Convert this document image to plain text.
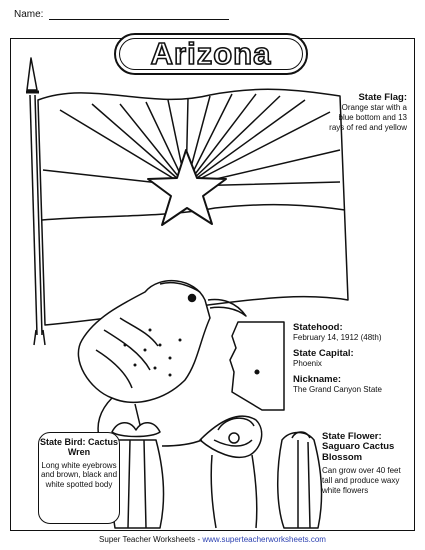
Name:
Arizona
State Flag:
Orange star with a blue bottom and 13 rays of red and yellow
Statehood:
February 14, 1912 (48th)
State Capital:
Phoenix
Nickname:
The Grand Canyon State
State Bird: Cactus Wren
Long white eyebrows and brown, black and white spotted body
State Flower: Saguaro Cactus Blossom
Can grow over 40 feet tall and produce waxy white flowers
Super Teacher Worksheets - www.superteacherworksheets.com
